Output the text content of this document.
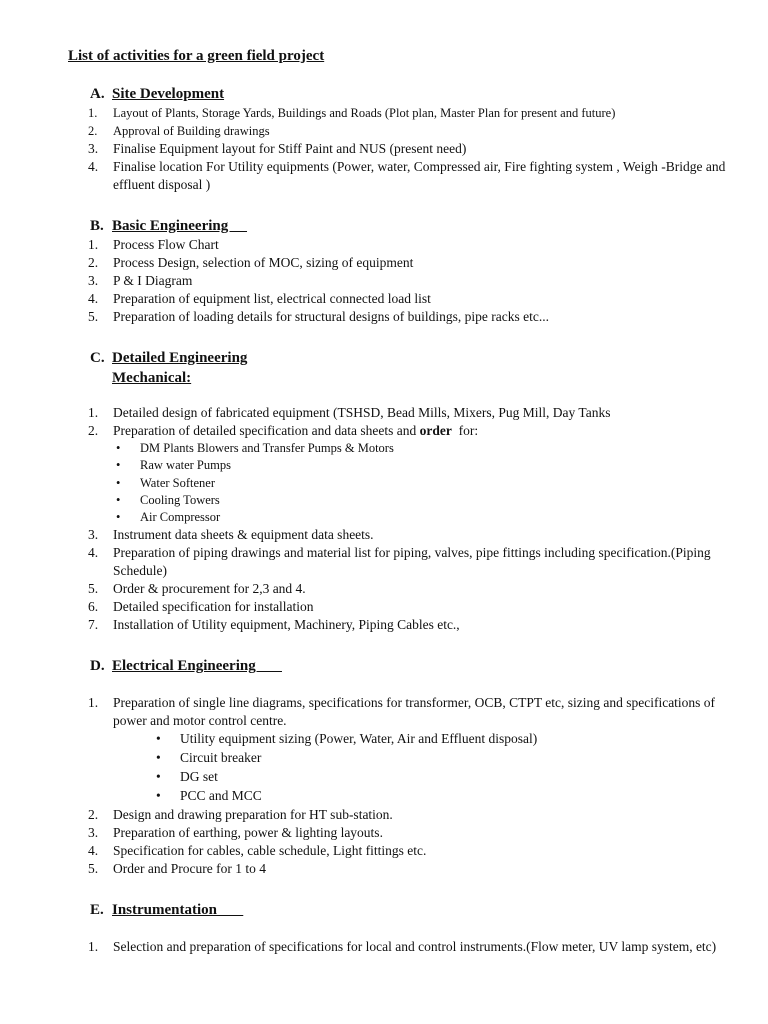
List of activities for a green field project
A. Site Development
1.	Layout of Plants, Storage Yards, Buildings and Roads (Plot plan, Master Plan for present and future)
2.	Approval of Building drawings
3.	Finalise Equipment layout for Stiff Paint and NUS (present need)
4.	Finalise location For Utility equipments (Power, water, Compressed air, Fire fighting system , Weigh -Bridge and effluent disposal )
B. Basic Engineering
1.	Process Flow Chart
2.	Process Design, selection of MOC, sizing of equipment
3.	P & I Diagram
4.	Preparation of equipment list, electrical connected load list
5.	Preparation of loading details for structural designs of buildings, pipe racks etc...
C. Detailed Engineering
Mechanical:
1.	Detailed design of fabricated equipment (TSHSD, Bead Mills, Mixers, Pug Mill, Day Tanks
2.	Preparation of detailed specification and data sheets and order  for:
•	DM Plants Blowers and Transfer Pumps & Motors
•	Raw water Pumps
•	Water Softener
•	Cooling Towers
•	Air Compressor
3.	Instrument data sheets & equipment data sheets.
4.	Preparation of piping drawings and material list for piping, valves, pipe fittings including specification.(Piping Schedule)
5.	Order & procurement for 2,3 and 4.
6.	Detailed specification for installation
7.	Installation of Utility equipment, Machinery, Piping Cables etc.,
D. Electrical Engineering
1.	Preparation of single line diagrams, specifications for transformer, OCB, CTPT etc, sizing and specifications of power and motor control centre.
•	Utility equipment sizing (Power, Water, Air and Effluent disposal)
•	Circuit breaker
•	DG set
•	PCC and MCC
2.	Design and drawing preparation for HT sub-station.
3.	Preparation of earthing, power & lighting layouts.
4.	Specification for cables, cable schedule, Light fittings etc.
5.	Order and Procure for 1 to 4
E. Instrumentation
1.	Selection and preparation of specifications for local and control instruments.(Flow meter, UV lamp system, etc)
